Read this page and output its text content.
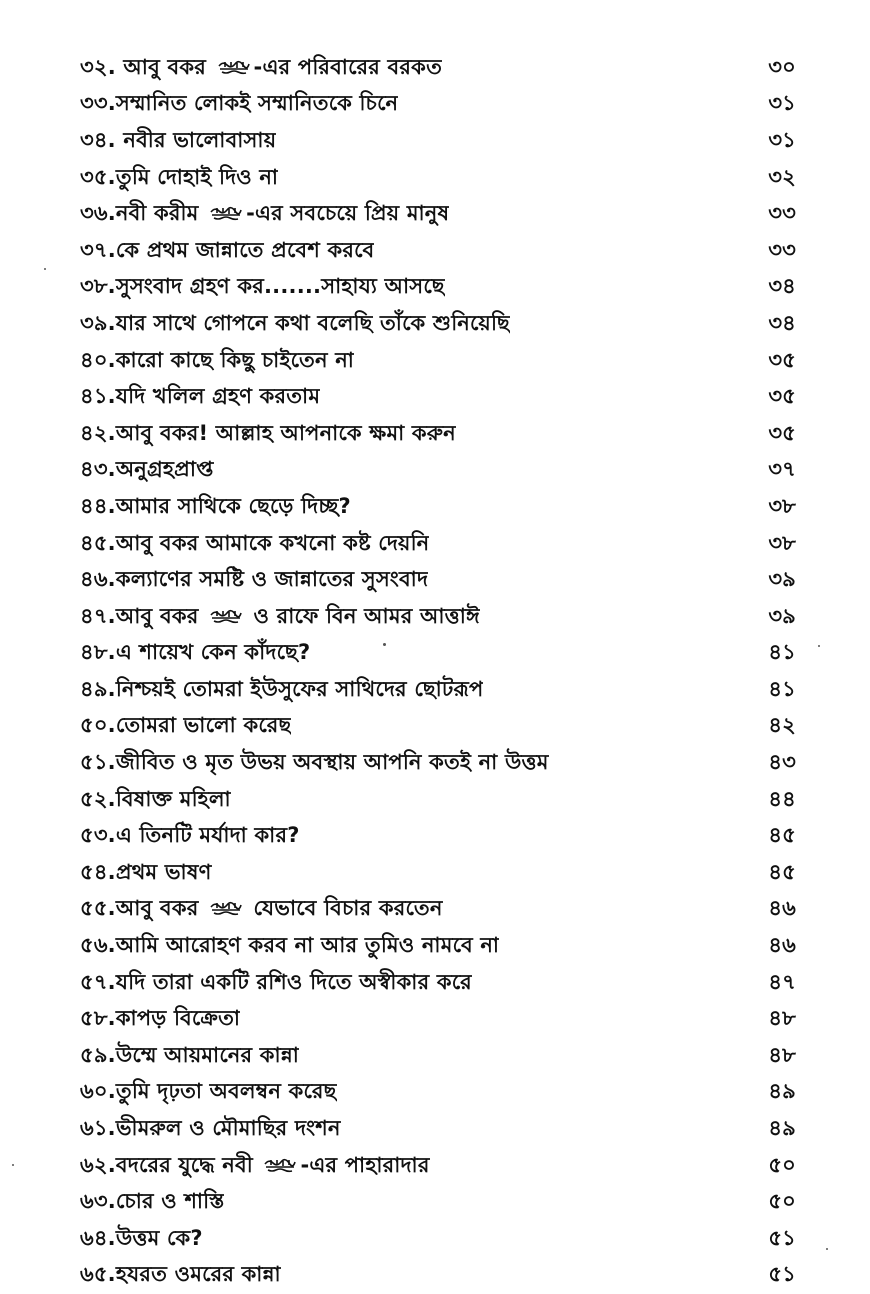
৩২. আবু বকর -এর পরিবারের বরকত	৩০
৩৩.সম্মানিত লোকই সম্মানিতকে চিনে	৩১
৩৪. নবীর ভালোবাসায়	৩১
৩৫.তুমি দোহাই দিও না	৩২
৩৬.নবী করীম -এর সবচেয়ে প্রিয় মানুষ	৩৩
৩৭.কে প্রথম জান্নাতে প্রবেশ করবে	৩৩
৩৮.সুসংবাদ গ্রহণ কর.......সাহায্য আসছে	৩৪
৩৯.যার সাথে গোপনে কথা বলেছি তাঁকে শুনিয়েছি	৩৪
৪০.কারো কাছে কিছু চাইতেন না	৩৫
৪১.যদি খলিল গ্রহণ করতাম	৩৫
৪২.আবু বকর! আল্লাহ আপনাকে ক্ষমা করুন	৩৫
৪৩.অনুগ্রহপ্রাপ্ত	৩৭
৪৪.আমার সাথিকে ছেড়ে দিচ্ছ?	৩৮
৪৫.আবু বকর আমাকে কখনো কষ্ট দেয়নি	৩৮
৪৬.কল্যাণের সমষ্টি ও জান্নাতের সুসংবাদ	৩৯
৪৭.আবু বকর  ও রাফে বিন আমর আত্তাঈ	৩৯
৪৮.এ শায়েখ কেন কাঁদছে?	৪১
৪৯.নিশ্চয়ই তোমরা ইউসুফের সাথিদের ছোটরূপ	৪১
৫০.তোমরা ভালো করেছ	৪২
৫১.জীবিত ও মৃত উভয় অবস্থায় আপনি কতই না উত্তম	৪৩
৫২.বিষাক্ত মহিলা	৪৪
৫৩.এ তিনটি মর্যাদা কার?	৪৫
৫৪.প্রথম ভাষণ	৪৫
৫৫.আবু বকর  যেভাবে বিচার করতেন	৪৬
৫৬.আমি আরোহণ করব না আর তুমিও নামবে না	৪৬
৫৭.যদি তারা একটি রশিও দিতে অস্বীকার করে	৪৭
৫৮.কাপড় বিক্রেতা	৪৮
৫৯.উম্মে আয়মানের কান্না	৪৮
৬০.তুমি দৃঢ়তা অবলম্বন করেছ	৪৯
৬১.ভীমরুল ও মৌমাছির দংশন	৪৯
৬২.বদরের যুদ্ধে নবী -এর পাহারাদার	৫০
৬৩.চোর ও শাস্তি	৫০
৬৪.উত্তম কে?	৫১
৬৫.হযরত ওমরের কান্না	৫১
